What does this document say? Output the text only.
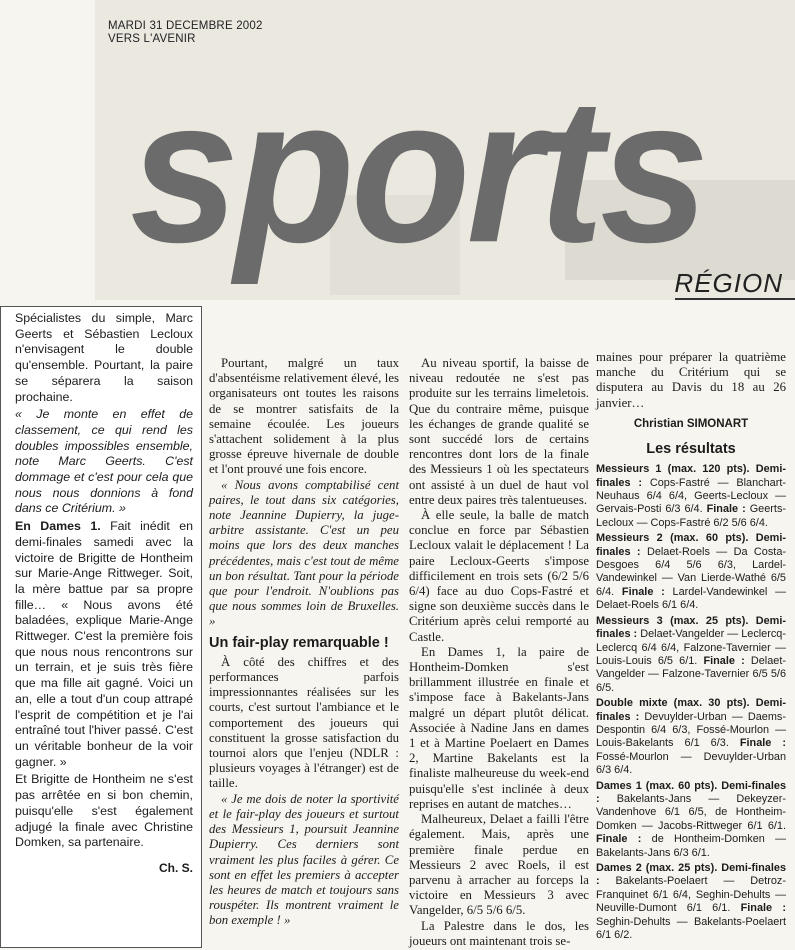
MARDI 31 DECEMBRE 2002
VERS L'AVENIR
sports
RÉGION

Spécialistes du simple, Marc Geerts et Sébastien Lecloux n'envisagent le double qu'ensemble. Pourtant, la paire se séparera la saison prochaine.

« Je monte en effet de classement, ce qui rend les doubles impossibles ensemble, note Marc Geerts. C'est dommage et c'est pour cela que nous nous donnions à fond dans ce Critérium. »

En Dames 1. Fait inédit en demi-finales samedi avec la victoire de Brigitte de Hontheim sur Marie-Ange Rittweger. Soit, la mère battue par sa propre fille… « Nous avons été baladées, explique Marie-Ange Rittweger. C'est la première fois que nous nous rencontrons sur un terrain, et je suis très fière que ma fille ait gagné. Voici un an, elle a tout d'un coup attrapé l'esprit de compétition et je l'ai entraîné tout l'hiver passé. C'est un véritable bonheur de la voir gagner. »

Et Brigitte de Hontheim ne s'est pas arrêtée en si bon chemin, puisqu'elle s'est également adjugé la finale avec Christine Domken, sa partenaire.

Ch. S.

Pourtant, malgré un taux d'absentéisme relativement élevé, les organisateurs ont toutes les raisons de se montrer satisfaits de la semaine écoulée. Les joueurs s'attachent solidement à la plus grosse épreuve hivernale de double et l'ont prouvé une fois encore.

« Nous avons comptabilisé cent paires, le tout dans six catégories, note Jeannine Dupierry, la juge-arbitre assistante. C'est un peu moins que lors des deux manches précédentes, mais c'est tout de même un bon résultat. Tant pour la période que pour l'endroit. N'oublions pas que nous sommes loin de Bruxelles. »

Un fair-play remarquable !

À côté des chiffres et des performances parfois impressionnantes réalisées sur les courts, c'est surtout l'ambiance et le comportement des joueurs qui constituent la grosse satisfaction du tournoi alors que l'enjeu (NDLR : plusieurs voyages à l'étranger) est de taille.

« Je me dois de noter la sportivité et le fair-play des joueurs et surtout des Messieurs 1, poursuit Jeannine Dupierry. Ces derniers sont vraiment les plus faciles à gérer. Ce sont en effet les premiers à accepter les heures de match et toujours sans rouspéter. Ils montrent vraiment le bon exemple ! »

Au niveau sportif, la baisse de niveau redoutée ne s'est pas produite sur les terrains limeletois. Que du contraire même, puisque les échanges de grande qualité se sont succédé lors de certains rencontres dont lors de la finale des Messieurs 1 où les spectateurs ont assisté à un duel de haut vol entre deux paires très talentueuses.

À elle seule, la balle de match conclue en force par Sébastien Lecloux valait le déplacement ! La paire Lecloux-Geerts s'impose difficilement en trois sets (6/2 5/6 6/4) face au duo Cops-Fastré et signe son deuxième succès dans le Critérium après celui remporté au Castle.

En Dames 1, la paire de Hontheim-Domken s'est brillamment illustrée en finale et s'impose face à Bakelants-Jans malgré un départ plutôt délicat. Associée à Nadine Jans en dames 1 et à Martine Poelaert en Dames 2, Martine Bakelants est la finaliste malheureuse du week-end puisqu'elle s'est inclinée à deux reprises en autant de matches…

Malheureux, Delaet a failli l'être également. Mais, après une première finale perdue en Messieurs 2 avec Roels, il est parvenu à arracher au forceps la victoire en Messieurs 3 avec Vangelder, 6/5 5/6 6/5.

La Palestre dans le dos, les joueurs ont maintenant trois se-

maines pour préparer la quatrième manche du Critérium qui se disputera au Davis du 18 au 26 janvier…

Christian SIMONART
Les résultats
Messieurs 1 (max. 120 pts). Demi-finales : Cops-Fastré — Blanchart-Neuhaus 6/4 6/4, Geerts-Lecloux — Gervais-Posti 6/3 6/4. Finale : Geerts-Lecloux — Cops-Fastré 6/2 5/6 6/4.
Messieurs 2 (max. 60 pts). Demi-finales : Delaet-Roels — Da Costa-Desgoes 6/4 5/6 6/3, Lardel-Vandewinkel — Van Lierde-Wathé 6/5 6/4. Finale : Lardel-Vandewinkel — Delaet-Roels 6/1 6/4.
Messieurs 3 (max. 25 pts). Demi-finales : Delaet-Vangelder — Leclercq-Leclercq 6/4 6/4, Falzone-Tavernier — Louis-Louis 6/5 6/1. Finale : Delaet-Vangelder — Falzone-Tavernier 6/5 5/6 6/5.
Double mixte (max. 30 pts). Demi-finales : Devuylder-Urban — Daems-Despontin 6/4 6/3, Fossé-Mourlon — Louis-Bakelants 6/1 6/3. Finale : Fossé-Mourlon — Devuylder-Urban 6/3 6/4.
Dames 1 (max. 60 pts). Demi-finales : Bakelants-Jans — Dekeyzer-Vandenhove 6/1 6/5, de Hontheim-Domken — Jacobs-Rittweger 6/1 6/1. Finale : de Hontheim-Domken — Bakelants-Jans 6/3 6/1.
Dames 2 (max. 25 pts). Demi-finales : Bakelants-Poelaert — Detroz-Franquinet 6/1 6/4, Seghin-Dehults — Neuville-Dumont 6/1 6/1. Finale : Seghin-Dehults — Bakelants-Poelaert 6/1 6/2.
